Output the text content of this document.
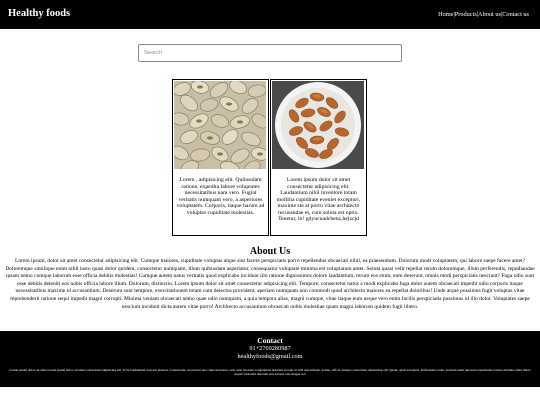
Healthy foods	Home|Products|About us|Contact us
Search
Lorem , adipisicing elit. Quibusdam ratione, expedita labore voluptates necessitatibus nam vero. Fugiat veritatis numquam vero, a asperiores voluptatem. Corporis, itaque harum ad voluptas cupiditate molestias.
Lorem ipsum dolor sit amet consectetur adipisicing elit. Laudantium nihil inventore totam mollitia cupiditate eveniet excepturi, maxime ste at porro vitae architecto recusandae et, cum soluta est optio. Tenetur, in! gdyucuadchenz,hejzcjd
About Us
Lorem ipsum, dolor sit amet consectetur adipisicing elit. Cumque maiores, cupiditate voluptas atque sint facere perspiciatis porro repellendus obcaecati nihil, ea praesentium. Dolorum modi voluptatem, qui labore saepe facere amet? Doloremque similique enim nihil iusto quasi dolor quidem, consectetur numquam, illum quibusdam asperiatur, consequatur voluptate minima est voluptatum amet. Soluta quasi velit repellat rerum doloremque, illum perferendis, repudiandae ipsam nemo cumque laborum esse officia debitis molestias! Cumque autem natus veritatis quod explicabo incidunt illo ratione dignissimos dolore laudantium, rerum eos enim, eum deserunt, omnis modi perspiciatis nesciunt? Fuga odio sunt esse debitis deleniti eos nobis officia labore illum. Dolorum, distinctio. Lorem ipsum dolor sit amet consectetur adipisicing elit. Tempore, consectetur natus a modi explicabo fuga dolor autem obcaecati impedit odio corporis itaque necessitatibus maxime id accusantium. Deserunt sunt tempore, exercitationem totam cum delectus provident, aperiam numquam non commodi quod architecto maiores ea repellat doloribus! Unde atque possimus fugit voluptas vitae reprehenderit ratione sequi impedit magni corrupti. Minima veniam obcaecati nemo quae odio numquam, a quia tempora alias, magni cumque, vitae itaque eum neque vero enim facilis perspiciatis possimus id illo dolor. Voluptates saepe nesciunt incidunt dicta autem vitae porro! Architecto accusantium obcaecati nobis molestiae quam magni laborum quidem fugit libero.
Contact
91+2769280987
healthyfoods@gmail.com
Lorem ipsum dolor, sit amet Lorem ipsum dolor, sit amet consectetur adipisicing elit. Error laudantium corporis maiores. Consectetur, est placeat quo culpa inventore, rem, quia laborum voluptatibus deserunt excepti ut velit doloremque. Soluta, officia cumque consectetur adipisicing elit. Quam, quasi excepturi. Perferendis totam, dolorem enim quia iure repellendus ratione ducimus aliter libero neque? Dolorem deserunt non dolores vele magne est!
